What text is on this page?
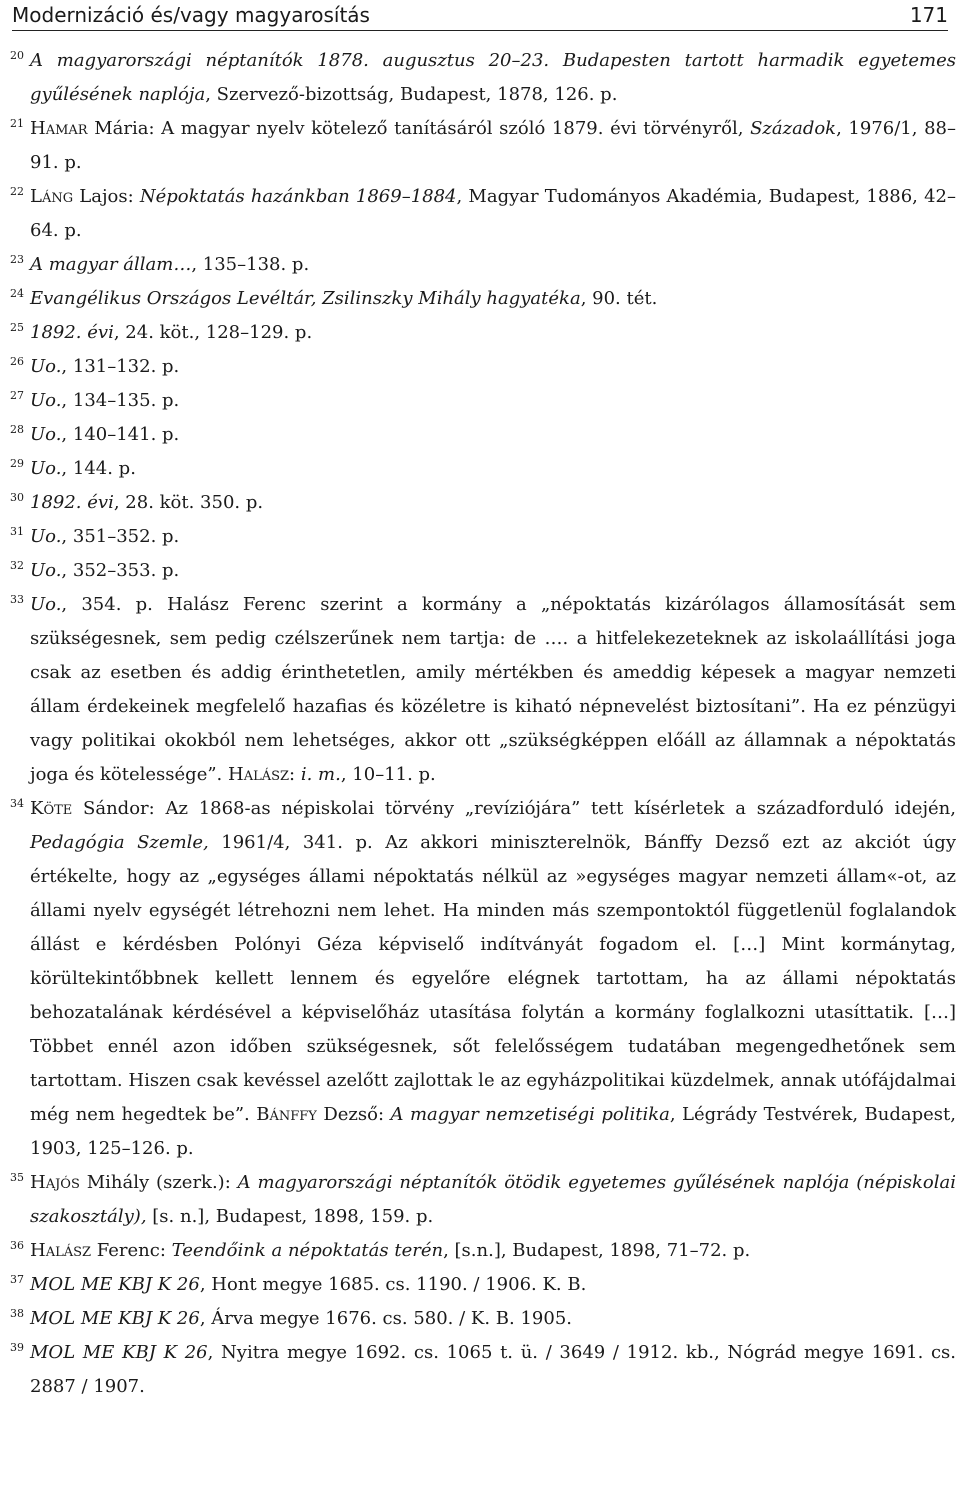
Modernizáció és/vagy magyarosítás	171

$^{20}$ A magyarországi néptanítók 1878. augusztus 20–23. Budapesten tartott harmadik egyetemes gyűlésének naplója, Szervező-bizottság, Budapest, 1878, 126. p.

$^{21}$ Hamar Mária: A magyar nyelv kötelező tanításáról szóló 1879. évi törvényről, Századok, 1976/1, 88–91. p.

$^{22}$ Láng Lajos: Népoktatás hazánkban 1869–1884, Magyar Tudományos Akadémia, Budapest, 1886, 42–64. p.

$^{23}$ A magyar állam…, 135–138. p.

$^{24}$ Evangélikus Országos Levéltár, Zsilinszky Mihály hagyatéka, 90. tét.

$^{25}$ 1892. évi, 24. köt., 128–129. p.

$^{26}$ Uo., 131–132. p.

$^{27}$ Uo., 134–135. p.

$^{28}$ Uo., 140–141. p.

$^{29}$ Uo., 144. p.

$^{30}$ 1892. évi, 28. köt. 350. p.

$^{31}$ Uo., 351–352. p.

$^{32}$ Uo., 352–353. p.

$^{33}$ Uo., 354. p. Halász Ferenc szerint a kormány a „népoktatás kizárólagos államosítását sem szükségesnek, sem pedig czélszerűnek nem tartja: de …. a hitfelekezeteknek az iskolaállítási joga csak az esetben és addig érinthetetlen, amily mértékben és ameddig képesek a magyar nemzeti állam érdekeinek megfelelő hazafias és közéletre is kiható népnevelést biztosítani”. Ha ez pénzügyi vagy politikai okokból nem lehetséges, akkor ott „szükségképpen előáll az államnak a népoktatás joga és kötelessége”. Halász: i. m., 10–11. p.

$^{34}$ Köte Sándor: Az 1868-as népiskolai törvény „revíziójára” tett kísérletek a századforduló idején, Pedagógia Szemle, 1961/4, 341. p. Az akkori miniszterelnök, Bánffy Dezső ezt az akciót úgy értékelte, hogy az „egységes állami népoktatás nélkül az »egységes magyar nemzeti állam«-ot, az állami nyelv egységét létrehozni nem lehet. Ha minden más szempontoktól függetlenül foglalandok állást e kérdésben Polónyi Géza képviselő indítványát fogadom el. […] Mint kormánytag, körültekintőbbnek kellett lennem és egyelőre elégnek tartottam, ha az állami népoktatás behozatalának kérdésével a képviselőház utasítása folytán a kormány foglalkozni utasíttatik. […] Többet ennél azon időben szükségesnek, sőt felelősségem tudatában megengedhetőnek sem tartottam. Hiszen csak kevéssel azelőtt zajlottak le az egyházpolitikai küzdelmek, annak utófájdalmai még nem hegedtek be”. Bánffy Dezső: A magyar nemzetiségi politika, Légrády Testvérek, Budapest, 1903, 125–126. p.

$^{35}$ Hajós Mihály (szerk.): A magyarországi néptanítók ötödik egyetemes gyűlésének naplója (népiskolai szakosztály), [s. n.], Budapest, 1898, 159. p.

$^{36}$ Halász Ferenc: Teendőink a népoktatás terén, [s.n.], Budapest, 1898, 71–72. p.

$^{37}$ MOL ME KBJ K 26, Hont megye 1685. cs. 1190. / 1906. K. B.

$^{38}$ MOL ME KBJ K 26, Árva megye 1676. cs. 580. / K. B. 1905.

$^{39}$ MOL ME KBJ K 26, Nyitra megye 1692. cs. 1065 t. ü. / 3649 / 1912. kb., Nógrád megye 1691. cs. 2887 / 1907.
